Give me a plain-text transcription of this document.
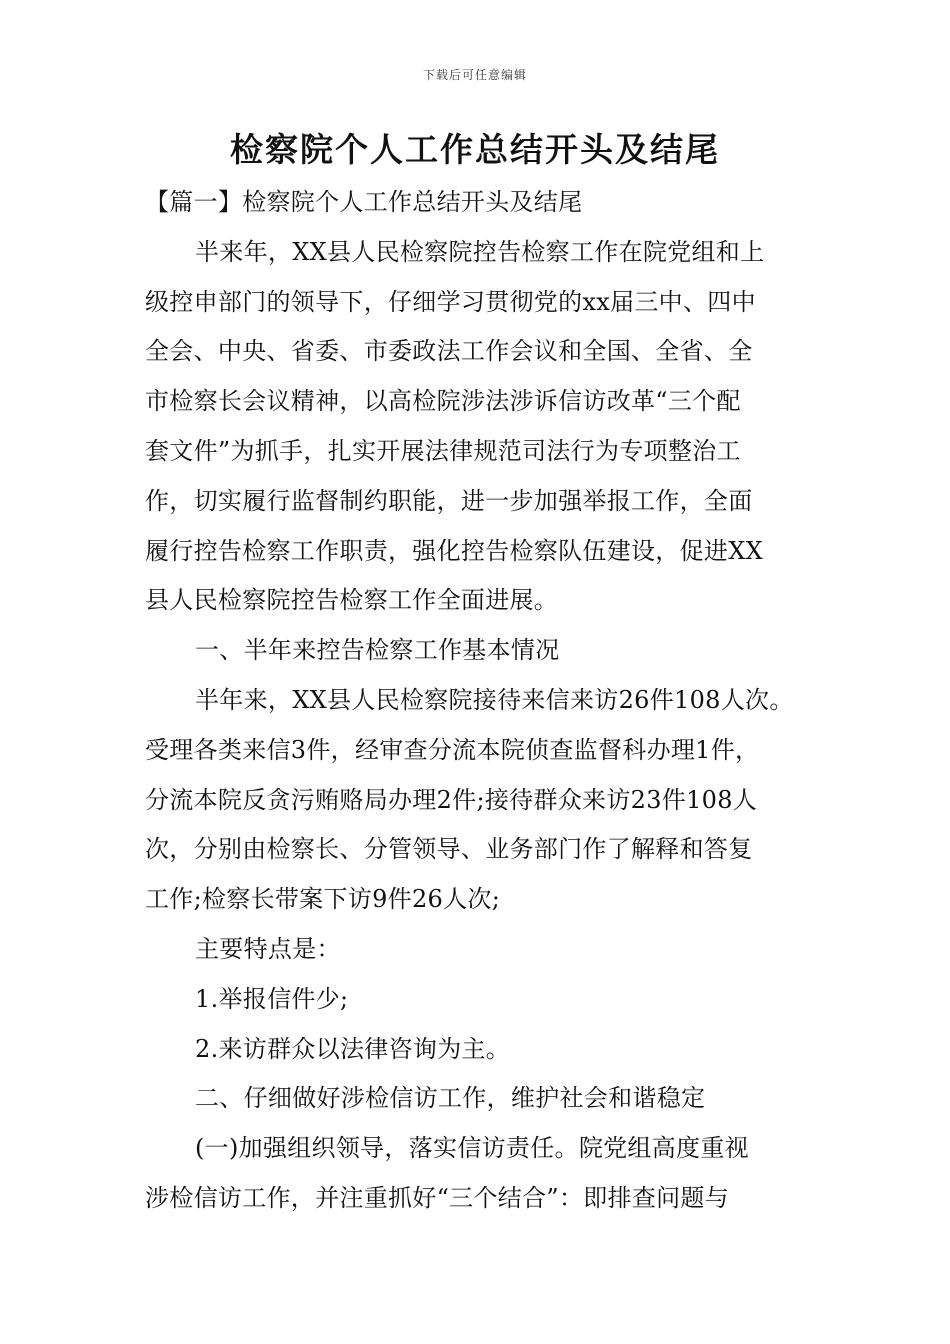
下载后可任意编辑
检察院个人工作总结开头及结尾
【篇一】检察院个人工作总结开头及结尾
半来年，XX县人民检察院控告检察工作在院党组和上
级控申部门的领导下，仔细学习贯彻党的xx届三中、四中
全会、中央、省委、市委政法工作会议和全国、全省、全
市检察长会议精神，以高检院涉法涉诉信访改革“三个配
套文件”为抓手，扎实开展法律规范司法行为专项整治工
作，切实履行监督制约职能，进一步加强举报工作，全面
履行控告检察工作职责，强化控告检察队伍建设，促进XX
县人民检察院控告检察工作全面进展。
一、半年来控告检察工作基本情况
半年来，XX县人民检察院接待来信来访26件108人次。
受理各类来信3件，经审查分流本院侦查监督科办理1件，
分流本院反贪污贿赂局办理2件;接待群众来访23件108人
次，分别由检察长、分管领导、业务部门作了解释和答复
工作;检察长带案下访9件26人次;
主要特点是：
1.举报信件少;
2.来访群众以法律咨询为主。
二、仔细做好涉检信访工作，维护社会和谐稳定
(一)加强组织领导，落实信访责任。院党组高度重视
涉检信访工作，并注重抓好“三个结合”：即排查问题与
